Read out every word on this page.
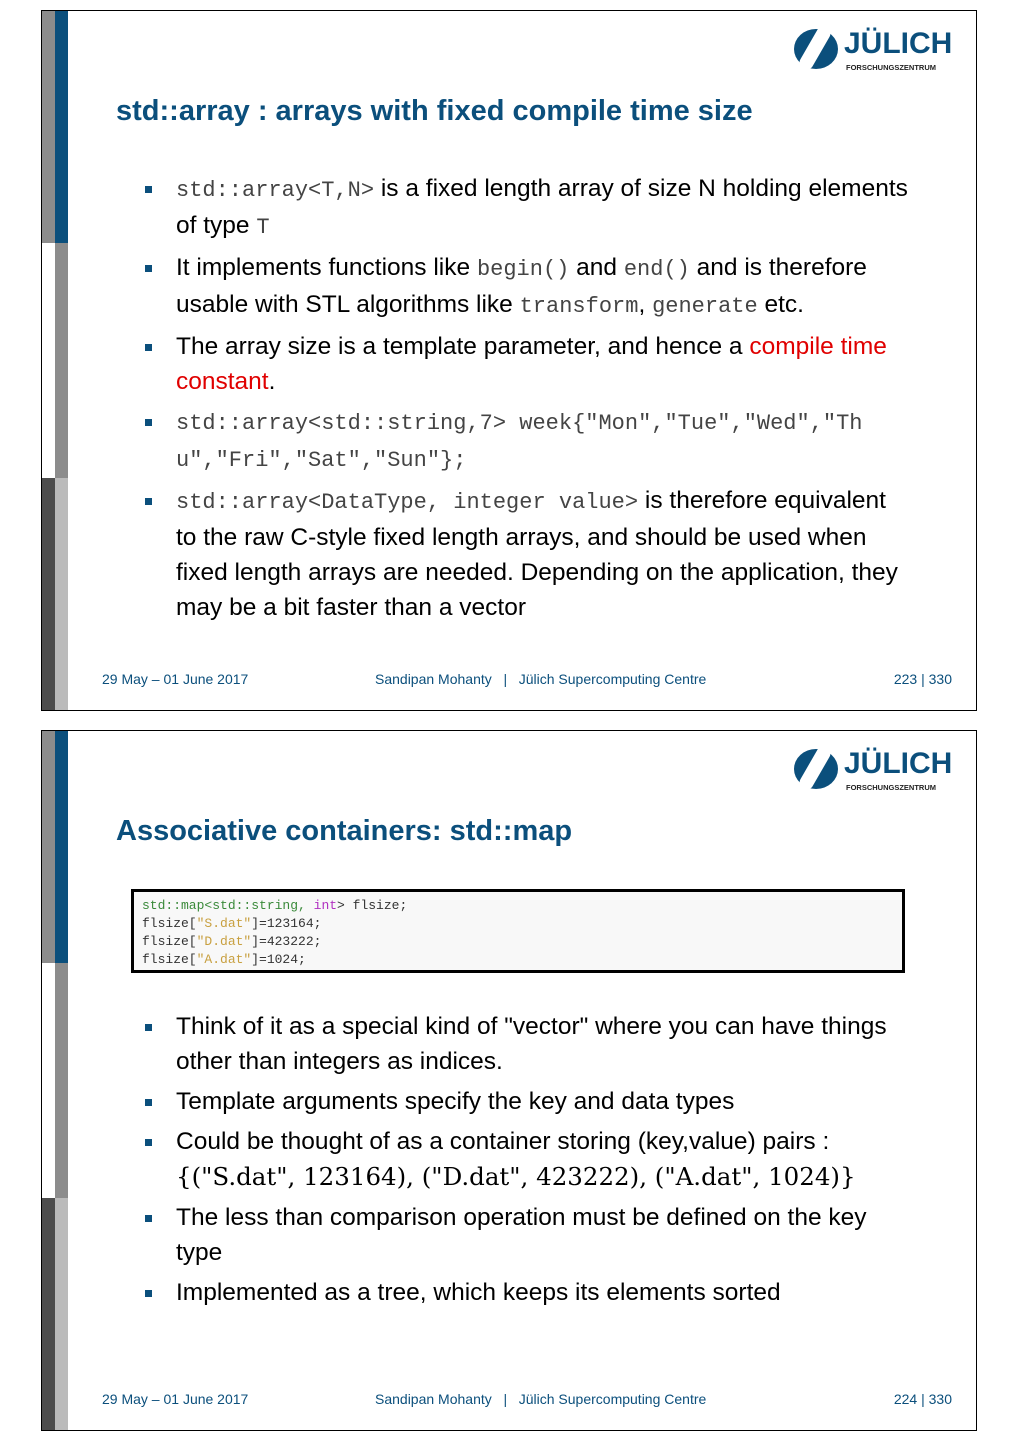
JÜLICH
FORSCHUNGSZENTRUM
std::array : arrays with fixed compile time size
std::array<T,N> is a fixed length array of size N holding elements of type T
It implements functions like begin() and end() and is therefore usable with STL algorithms like transform, generate etc.
The array size is a template parameter, and hence a compile time constant.
std::array<std::string,7> week{"Mon","Tue","Wed","Thu","Fri","Sat","Sun"};
std::array<DataType, integer value> is therefore equivalent to the raw C-style fixed length arrays, and should be used when fixed length arrays are needed. Depending on the application, they may be a bit faster than a vector
29 May – 01 June 2017	Sandipan Mohanty | Jülich Supercomputing Centre	223 | 330
JÜLICH
FORSCHUNGSZENTRUM
Associative containers: std::map
std::map<std::string, int> flsize;
flsize["S.dat"]=123164;
flsize["D.dat"]=423222;
flsize["A.dat"]=1024;
Think of it as a special kind of "vector" where you can have things other than integers as indices.
Template arguments specify the key and data types
Could be thought of as a container storing (key,value) pairs :
{("S.dat", 123164), ("D.dat", 423222), ("A.dat", 1024)}
The less than comparison operation must be defined on the key type
Implemented as a tree, which keeps its elements sorted
29 May – 01 June 2017	Sandipan Mohanty | Jülich Supercomputing Centre	224 | 330
